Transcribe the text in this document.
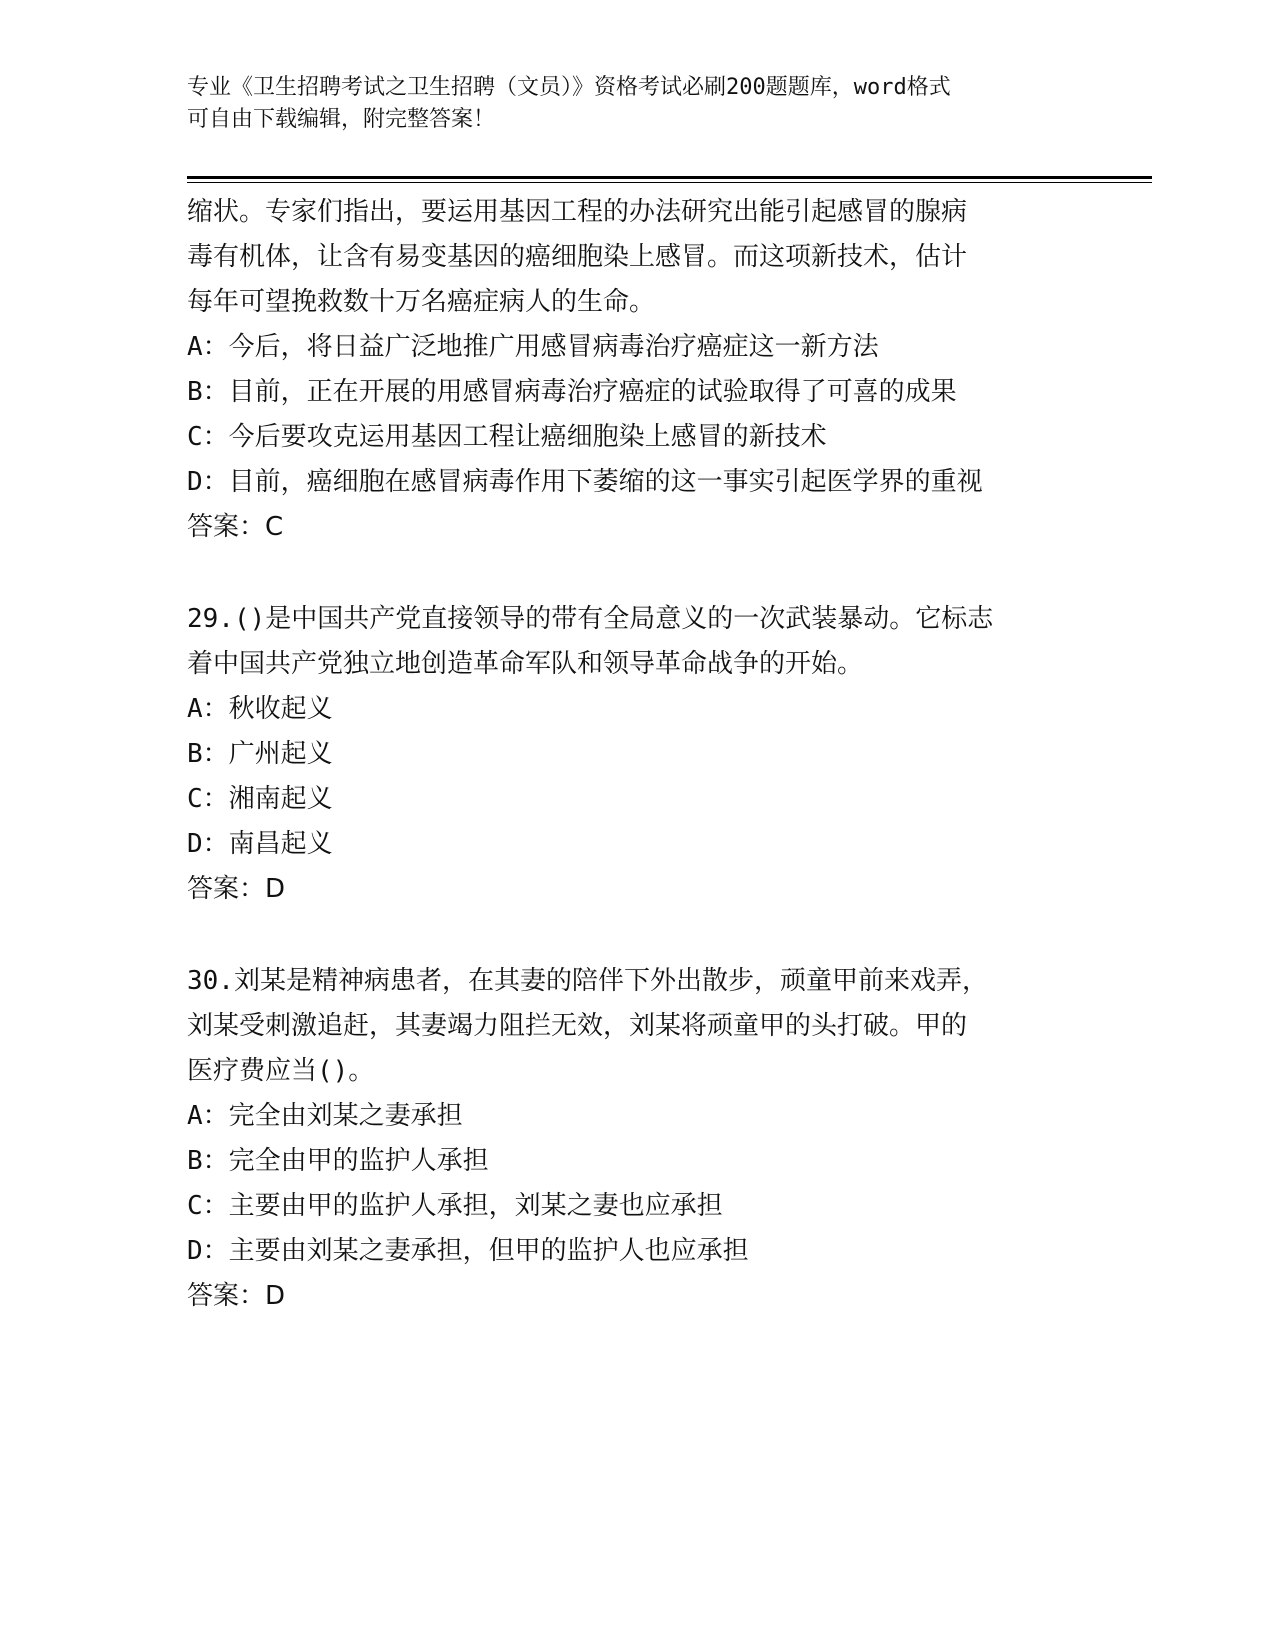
专业《卫生招聘考试之卫生招聘（文员）》资格考试必刷200题题库，word格式
可自由下载编辑，附完整答案！
缩状。专家们指出，要运用基因工程的办法研究出能引起感冒的腺病
毒有机体，让含有易变基因的癌细胞染上感冒。而这项新技术，估计
每年可望挽救数十万名癌症病人的生命。
A：今后，将日益广泛地推广用感冒病毒治疗癌症这一新方法
B：目前，正在开展的用感冒病毒治疗癌症的试验取得了可喜的成果
C：今后要攻克运用基因工程让癌细胞染上感冒的新技术
D：目前，癌细胞在感冒病毒作用下萎缩的这一事实引起医学界的重视
答案：C
29.()是中国共产党直接领导的带有全局意义的一次武装暴动。它标志
着中国共产党独立地创造革命军队和领导革命战争的开始。
A：秋收起义
B：广州起义
C：湘南起义
D：南昌起义
答案：D
30.刘某是精神病患者，在其妻的陪伴下外出散步，顽童甲前来戏弄，
刘某受刺激追赶，其妻竭力阻拦无效，刘某将顽童甲的头打破。甲的
医疗费应当()。
A：完全由刘某之妻承担
B：完全由甲的监护人承担
C：主要由甲的监护人承担，刘某之妻也应承担
D：主要由刘某之妻承担，但甲的监护人也应承担
答案：D
